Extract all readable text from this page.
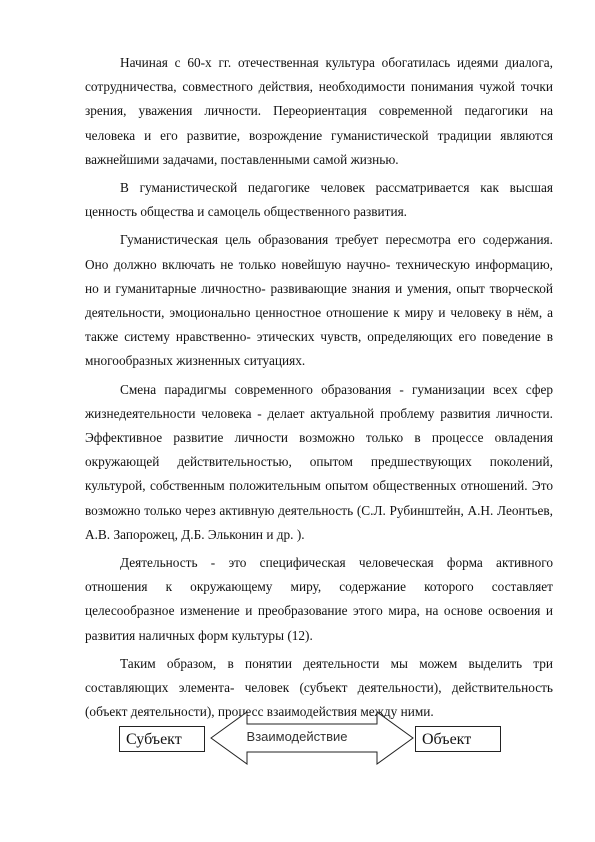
Начиная с 60-х гг. отечественная культура обогатилась идеями диалога, сотрудничества, совместного действия, необходимости понимания чужой точки зрения, уважения личности. Переориентация современной педагогики на человека и его развитие, возрождение гуманистической традиции являются важнейшими задачами, поставленными самой жизнью.

В гуманистической педагогике человек рассматривается как высшая ценность общества и самоцель общественного развития.

Гуманистическая цель образования требует пересмотра его содержания. Оно должно включать не только новейшую научно- техническую информацию, но и гуманитарные личностно- развивающие знания и умения, опыт творческой деятельности, эмоционально ценностное отношение к миру и человеку в нём, а также систему нравственно- этических чувств, определяющих его поведение в многообразных жизненных ситуациях.

Смена парадигмы современного образования - гуманизации всех сфер жизнедеятельности человека - делает актуальной проблему развития личности. Эффективное развитие личности возможно только в процессе овладения окружающей действительностью, опытом предшествующих поколений, культурой, собственным положительным опытом общественных отношений. Это возможно только через активную деятельность (С.Л. Рубинштейн, А.Н. Леонтьев, А.В. Запорожец, Д.Б. Эльконин и др. ).

Деятельность - это специфическая человеческая форма активного отношения к окружающему миру, содержание которого составляет целесообразное изменение и преобразование этого мира, на основе освоения и развития наличных форм культуры (12).

Таким образом, в понятии деятельности мы можем выделить три составляющих элемента- человек (субъект деятельности), действительность (объект деятельности), процесс взаимодействия между ними.

Субъект	Взаимодействие	Объект
